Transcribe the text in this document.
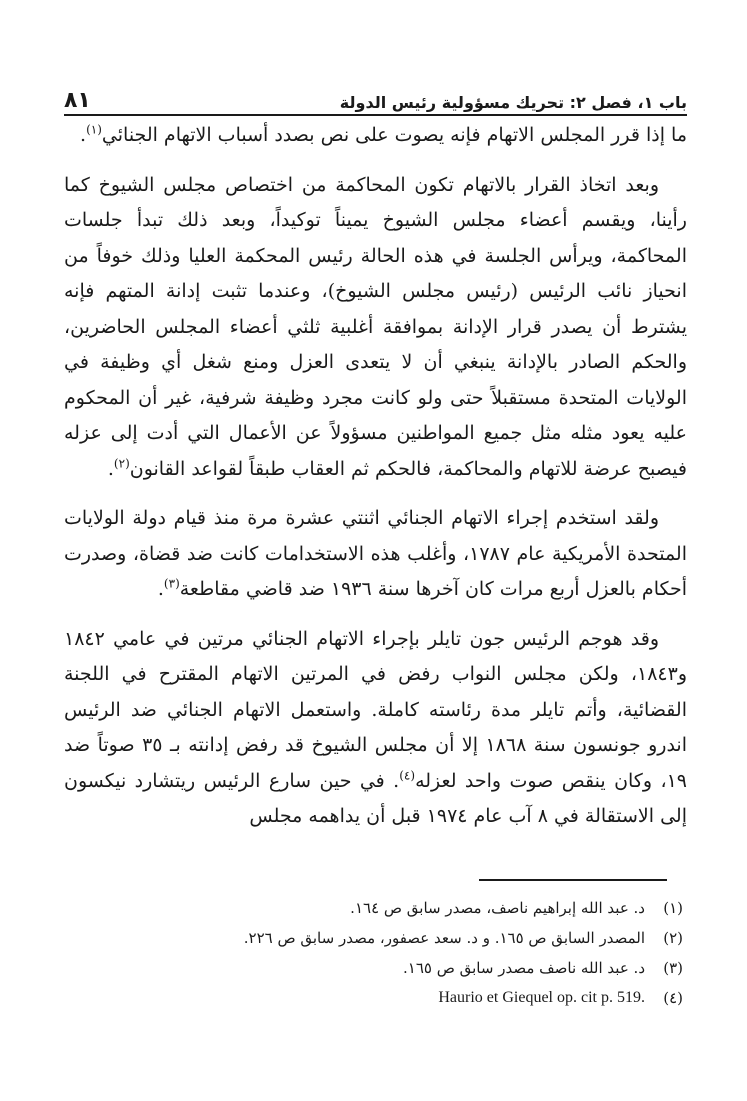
٨١	باب ١، فصل ٢: تحريك مسؤولية رئيس الدولة

ما إذا قرر المجلس الاتهام فإنه يصوت على نص بصدد أسباب الاتهام الجنائي$^{(١)}$.

وبعد اتخاذ القرار بالاتهام تكون المحاكمة من اختصاص مجلس الشيوخ كما رأينا، ويقسم أعضاء مجلس الشيوخ يميناً توكيداً، وبعد ذلك تبدأ جلسات المحاكمة، ويرأس الجلسة في هذه الحالة رئيس المحكمة العليا وذلك خوفاً من انحياز نائب الرئيس (رئيس مجلس الشيوخ)، وعندما تثبت إدانة المتهم فإنه يشترط أن يصدر قرار الإدانة بموافقة أغلبية ثلثي أعضاء المجلس الحاضرين، والحكم الصادر بالإدانة ينبغي أن لا يتعدى العزل ومنع شغل أي وظيفة في الولايات المتحدة مستقبلاً حتى ولو كانت مجرد وظيفة شرفية، غير أن المحكوم عليه يعود مثله مثل جميع المواطنين مسؤولاً عن الأعمال التي أدت إلى عزله فيصبح عرضة للاتهام والمحاكمة، فالحكم ثم العقاب طبقاً لقواعد القانون$^{(٢)}$.

ولقد استخدم إجراء الاتهام الجنائي اثنتي عشرة مرة منذ قيام دولة الولايات المتحدة الأمريكية عام ١٧٨٧، وأغلب هذه الاستخدامات كانت ضد قضاة، وصدرت أحكام بالعزل أربع مرات كان آخرها سنة ١٩٣٦ ضد قاضي مقاطعة$^{(٣)}$.

وقد هوجم الرئيس جون تايلر بإجراء الاتهام الجنائي مرتين في عامي ١٨٤٢ و١٨٤٣، ولكن مجلس النواب رفض في المرتين الاتهام المقترح في اللجنة القضائية، وأتم تايلر مدة رئاسته كاملة. واستعمل الاتهام الجنائي ضد الرئيس اندرو جونسون سنة ١٨٦٨ إلا أن مجلس الشيوخ قد رفض إدانته بـ ٣٥ صوتاً ضد ١٩، وكان ينقص صوت واحد لعزله$^{(٤)}$. في حين سارع الرئيس ريتشارد نيكسون إلى الاستقالة في ٨ آب عام ١٩٧٤ قبل أن يداهمه مجلس

(١)
د. عبد الله إبراهيم ناصف، مصدر سابق ص ١٦٤.
(٢)
المصدر السابق ص ١٦٥. و د. سعد عصفور، مصدر سابق ص ٢٢٦.
(٣)
د. عبد الله ناصف مصدر سابق ص ١٦٥.
(٤)
Haurio et Giequel op. cit p. 519.
